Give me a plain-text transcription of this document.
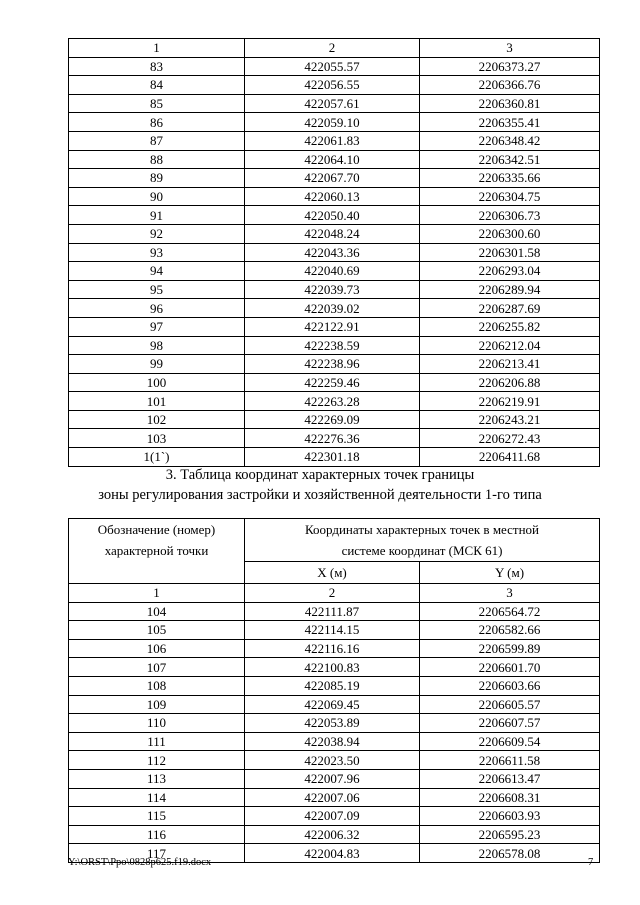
1	2	3
83	422055.57	2206373.27
84	422056.55	2206366.76
85	422057.61	2206360.81
86	422059.10	2206355.41
87	422061.83	2206348.42
88	422064.10	2206342.51
89	422067.70	2206335.66
90	422060.13	2206304.75
91	422050.40	2206306.73
92	422048.24	2206300.60
93	422043.36	2206301.58
94	422040.69	2206293.04
95	422039.73	2206289.94
96	422039.02	2206287.69
97	422122.91	2206255.82
98	422238.59	2206212.04
99	422238.96	2206213.41
100	422259.46	2206206.88
101	422263.28	2206219.91
102	422269.09	2206243.21
103	422276.36	2206272.43
1(1`)	422301.18	2206411.68
3. Таблица координат характерных точек границы
зоны регулирования застройки и хозяйственной деятельности 1-го типа
Обозначение (номер) характерной точки	Координаты характерных точек в местной системе координат (МСК 61)	
	X (м)	Y (м)
1	2	3
104	422111.87	2206564.72
105	422114.15	2206582.66
106	422116.16	2206599.89
107	422100.83	2206601.70
108	422085.19	2206603.66
109	422069.45	2206605.57
110	422053.89	2206607.57
111	422038.94	2206609.54
112	422023.50	2206611.58
113	422007.96	2206613.47
114	422007.06	2206608.31
115	422007.09	2206603.93
116	422006.32	2206595.23
117	422004.83	2206578.08
Y:\ORST\Ppo\0828p625.f19.docx	7
